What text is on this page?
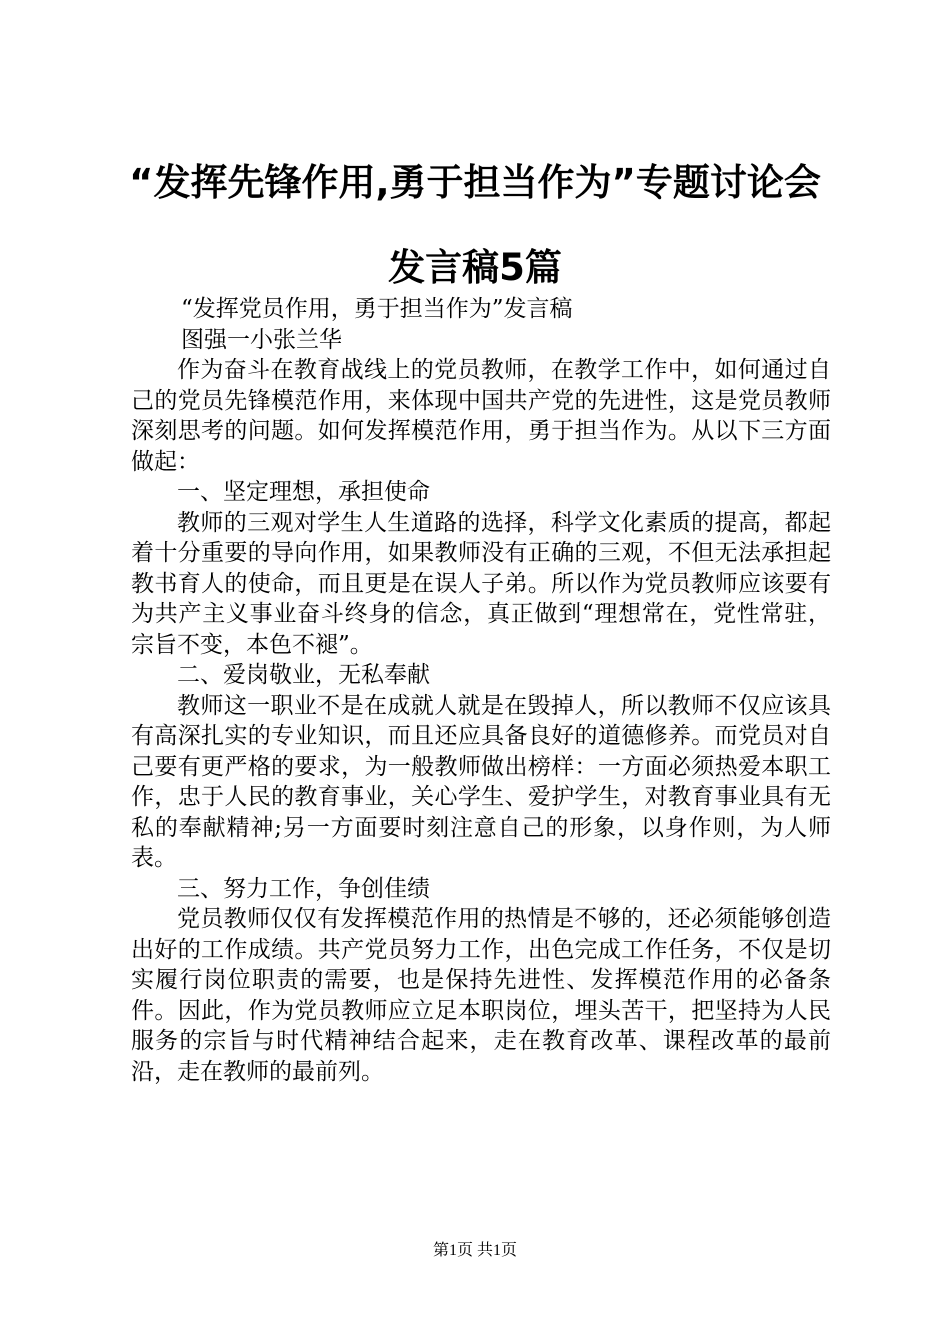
“发挥先锋作用,勇于担当作为”专题讨论会
发言稿5篇

“发挥党员作用，勇于担当作为”发言稿

图强一小张兰华

作为奋斗在教育战线上的党员教师，在教学工作中，如何通过自己的党员先锋模范作用，来体现中国共产党的先进性，这是党员教师深刻思考的问题。如何发挥模范作用，勇于担当作为。从以下三方面做起：

一、坚定理想，承担使命

教师的三观对学生人生道路的选择，科学文化素质的提高，都起着十分重要的导向作用，如果教师没有正确的三观，不但无法承担起教书育人的使命，而且更是在误人子弟。所以作为党员教师应该要有为共产主义事业奋斗终身的信念，真正做到“理想常在，党性常驻，宗旨不变，本色不褪”。

二、爱岗敬业，无私奉献

教师这一职业不是在成就人就是在毁掉人，所以教师不仅应该具有高深扎实的专业知识，而且还应具备良好的道德修养。而党员对自己要有更严格的要求，为一般教师做出榜样：一方面必须热爱本职工作，忠于人民的教育事业，关心学生、爱护学生，对教育事业具有无私的奉献精神;另一方面要时刻注意自己的形象，以身作则，为人师表。

三、努力工作，争创佳绩

党员教师仅仅有发挥模范作用的热情是不够的，还必须能够创造出好的工作成绩。共产党员努力工作，出色完成工作任务，不仅是切实履行岗位职责的需要，也是保持先进性、发挥模范作用的必备条件。因此，作为党员教师应立足本职岗位，埋头苦干，把坚持为人民服务的宗旨与时代精神结合起来，走在教育改革、课程改革的最前沿，走在教师的最前列。

第1页 共1页
